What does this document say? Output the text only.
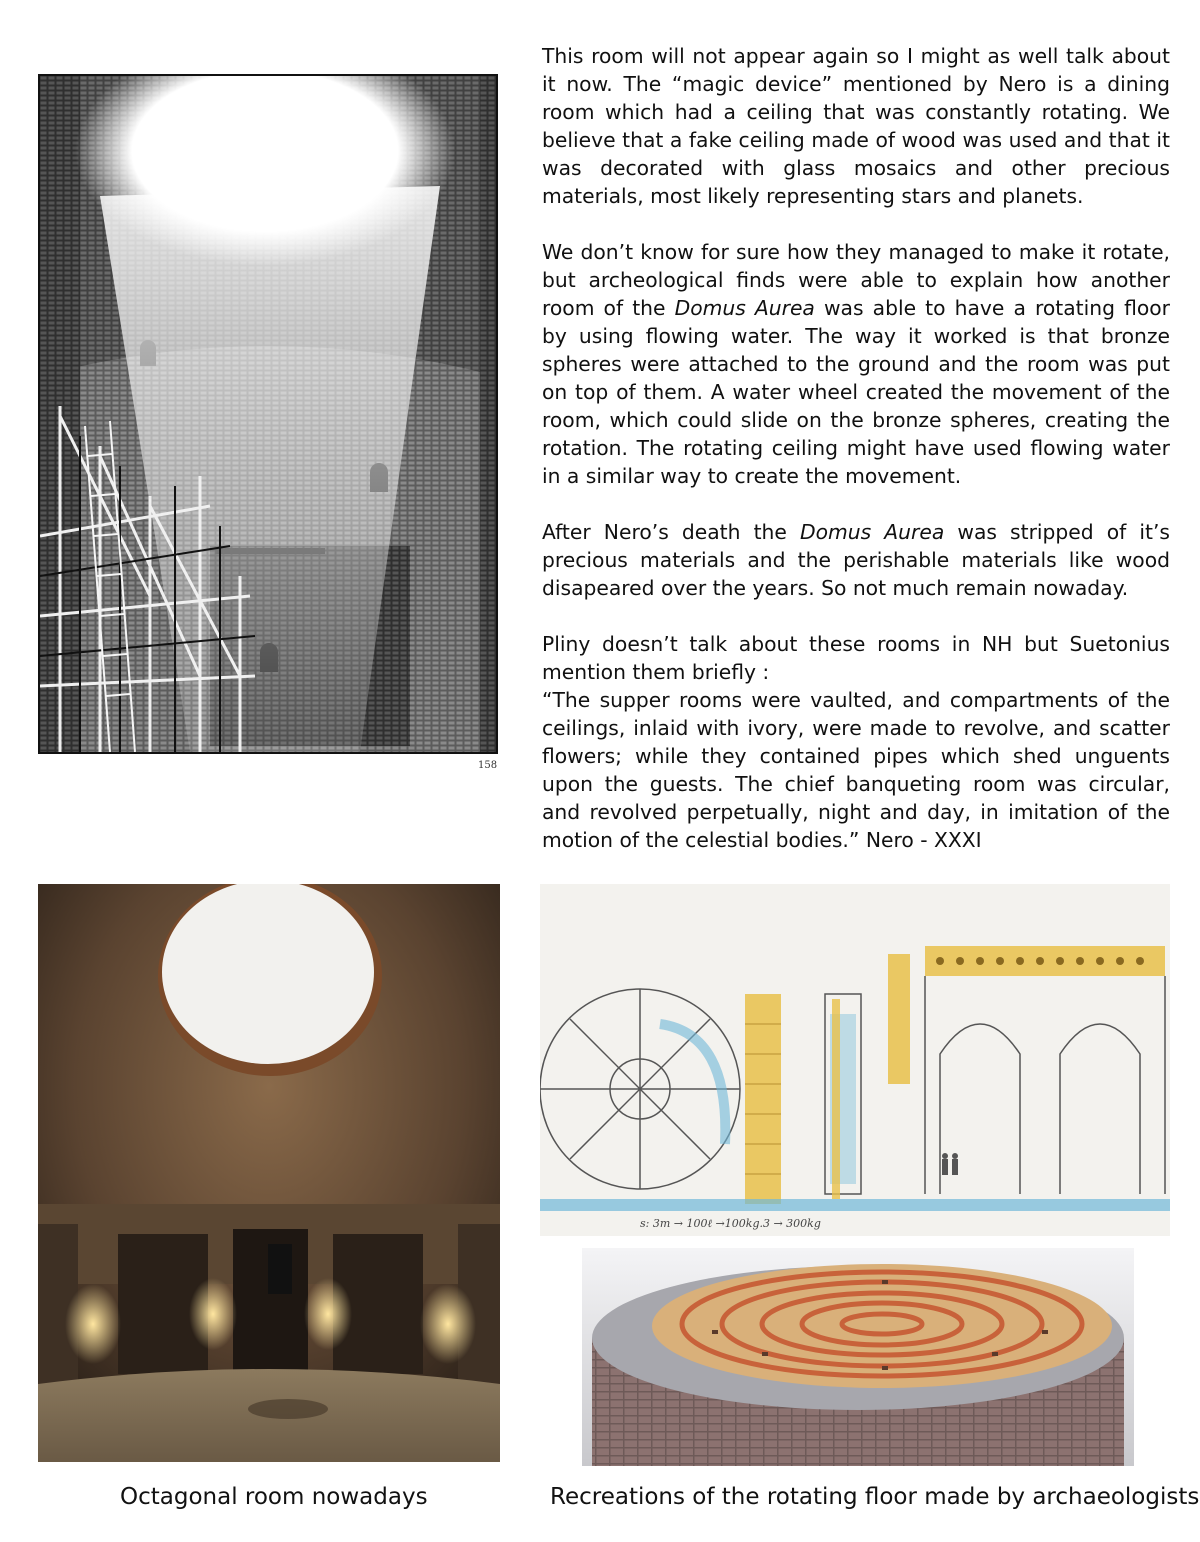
158

This room will not appear again so I might as well talk about it now. The “magic device” mentioned by Nero is a dining room which had a ceiling that was constantly rotating. We believe that a fake ceiling made of wood was used and that it was decorated with glass mosaics and other precious materials, most likely representing stars and planets.

We don’t know for sure how they managed to make it rotate, but archeological finds were able to explain how another room of the Domus Aurea was able to have a rotating floor by using flowing water. The way it worked is that bronze spheres were attached to the ground and the room was put on top of them. A water wheel created the movement of the room, which could slide on the bronze spheres, creating the rotation. The rotating ceiling might have used flowing water in a similar way to create the movement.

After Nero’s death the Domus Aurea was stripped of it’s precious materials and the perishable materials like wood disapeared over the years. So not much remain nowaday.

Pliny doesn’t talk about these rooms in NH but Suetonius mention them briefly :
“The supper rooms were vaulted, and compartments of the ceilings, inlaid with ivory, were made to revolve, and scatter flowers; while they contained pipes which shed unguents upon the guests. The chief banqueting room was circular, and revolved perpetually, night and day, in imitation of the motion of the celestial bodies.” Nero - XXXI

s: 3m → 100ℓ →100kg.3 → 300kg
Octagonal room nowadays	Recreations of the rotating floor made by archaeologists
